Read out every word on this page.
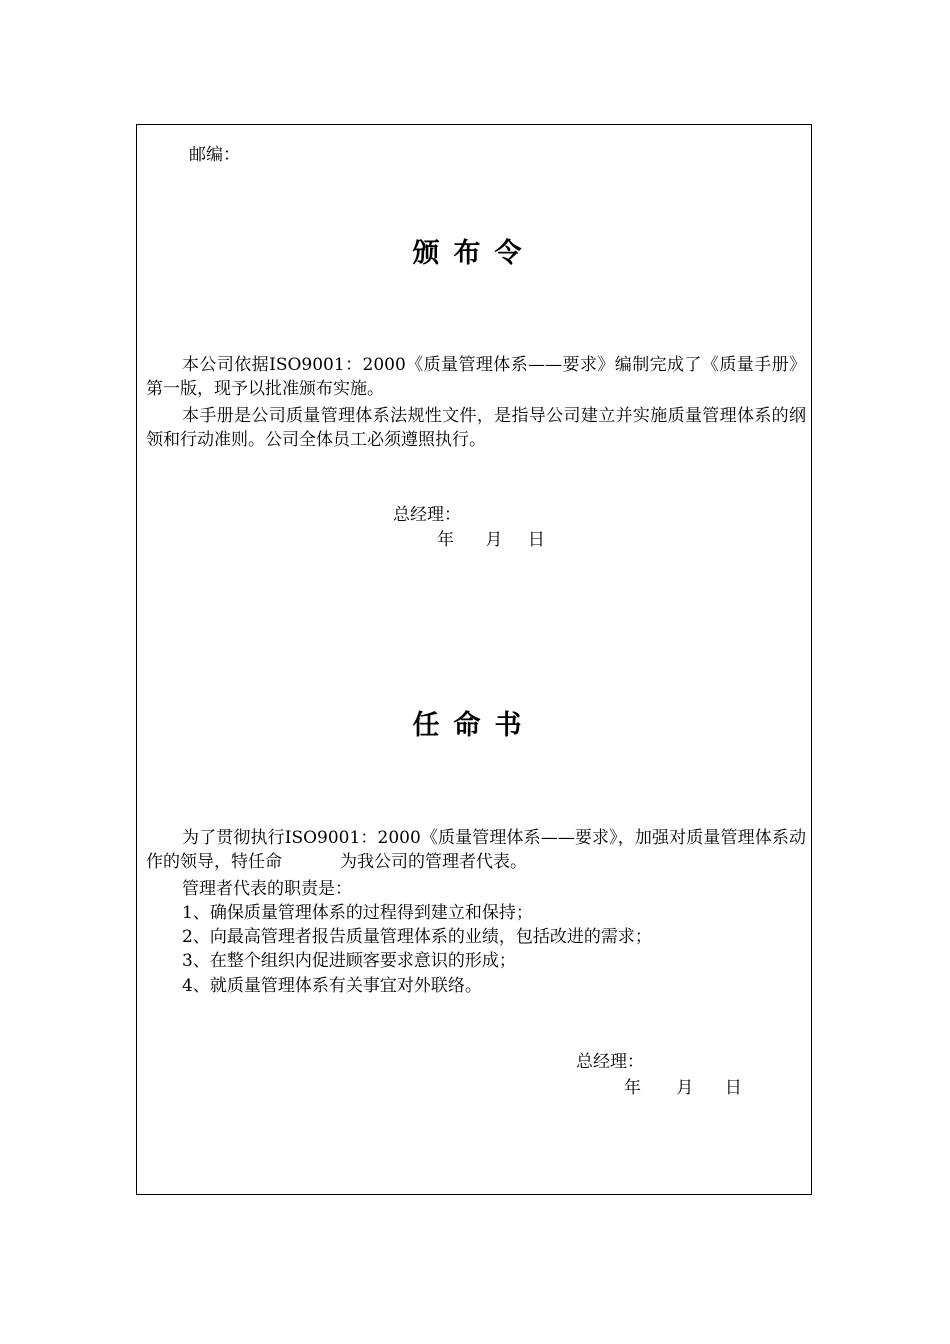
邮编：
颁布令
本公司依据ISO9001：2000《质量管理体系——要求》编制完成了《质量手册》第一版，现予以批准颁布实施。
本手册是公司质量管理体系法规性文件，是指导公司建立并实施质量管理体系的纲领和行动准则。公司全体员工必须遵照执行。
总经理：
年 月 日
任命书
为了贯彻执行ISO9001：2000《质量管理体系——要求》，加强对质量管理体系动作的领导，特任命	为我公司的管理者代表。
管理者代表的职责是：
1、确保质量管理体系的过程得到建立和保持；
2、向最高管理者报告质量管理体系的业绩，包括改进的需求；
3、在整个组织内促进顾客要求意识的形成；
4、就质量管理体系有关事宜对外联络。
总经理：
年 月 日
